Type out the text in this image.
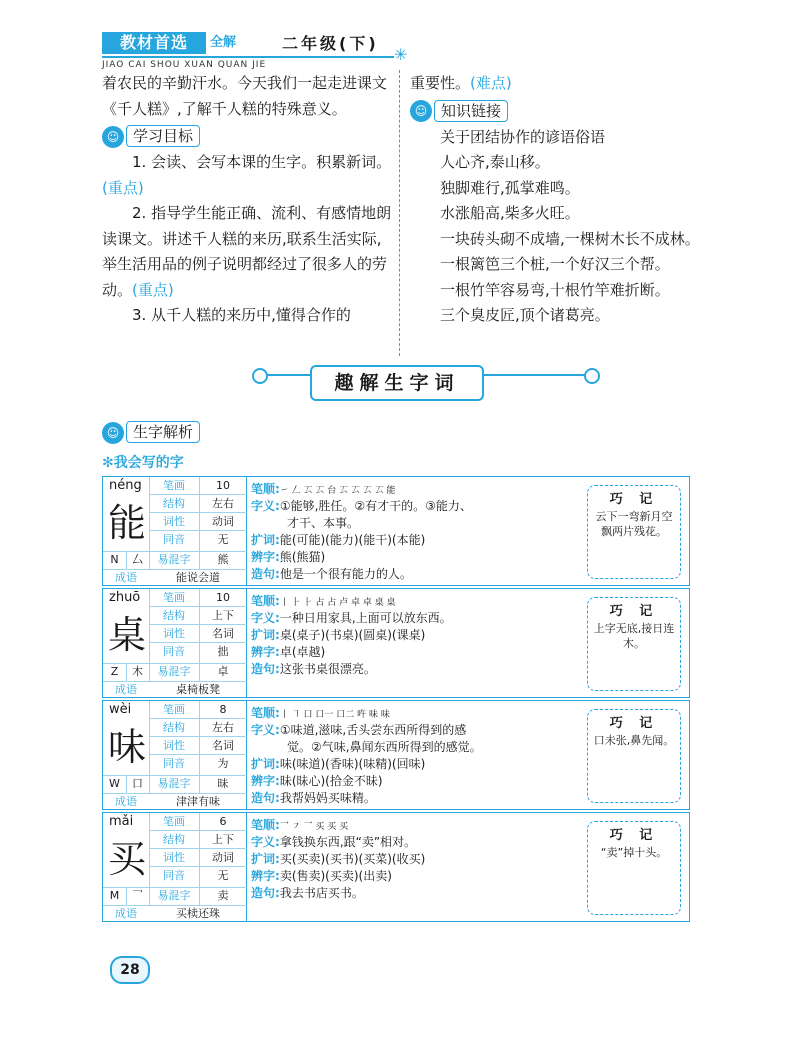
教材首选	全解	二年级(下)
✳
JIAO CAI SHOU XUAN QUAN JIE

着农民的辛勤汗水。今天我们一起走进课文《千人糕》,了解千人糕的特殊意义。

☺ 学习目标

1. 会读、会写本课的生字。积累新词。(重点)

2. 指导学生能正确、流利、有感情地朗读课文。讲述千人糕的来历,联系生活实际,举生活用品的例子说明都经过了很多人的劳动。(重点)

3. 从千人糕的来历中,懂得合作的

重要性。(难点)

☺ 知识链接

关于团结协作的谚语俗语

人心齐,泰山移。

独脚难行,孤掌难鸣。

水涨船高,柴多火旺。

一块砖头砌不成墙,一棵树木长不成林。

一根篱笆三个桩,一个好汉三个帮。

一根竹竿容易弯,十根竹竿难折断。

三个臭皮匠,顶个诸葛亮。

趣解生字词
☺ 生字解析
✻我会写的字
néng
能
笔画	10
结构	左右
词性	动词
同音	无
N	厶	易混字	熊
成语	能说会道
笔顺:㇀ 𠃋 𠫔 𠫔 台 𠫔 𠫔 𠫔 𠫔 能
字义:①能够,胜任。②有才干的。③能力、
才干、本事。
扩词:能(可能)(能力)(能干)(本能)
辨字:熊(熊猫)
造句:他是一个很有能力的人。
巧 记
云下一弯新月空飘两片残花。
zhuō
桌
笔画	10
结构	上下
词性	名词
同音	拙
Z	木	易混字	卓
成语	桌椅板凳
笔顺:丨 ⺊ ⺊ 占 占 卢 卓 卓 桌 桌
字义:一种日用家具,上面可以放东西。
扩词:桌(桌子)(书桌)(圆桌)(课桌)
辨字:卓(卓越)
造句:这张书桌很漂亮。
巧 记
上字无底,接日连木。
wèi
味
笔画	8
结构	左右
词性	名词
同音	为
W	口	易混字	昧
成语	津津有味
笔顺:丨 ㇕ 口 口一 口二 吘 味 味
字义:①味道,滋味,舌头尝东西所得到的感
觉。②气味,鼻闻东西所得到的感觉。
扩词:味(味道)(香味)(味精)(回味)
辨字:昧(昧心)(拾金不昧)
造句:我帮妈妈买味精。
巧 记
口未张,鼻先闻。
mǎi
买
笔画	6
结构	上下
词性	动词
同音	无
M	乛	易混字	卖
成语	买椟还珠
笔顺:乛 ㇇ 乛 买 买 买
字义:拿钱换东西,跟“卖”相对。
扩词:买(买卖)(买书)(买菜)(收买)
辨字:卖(售卖)(买卖)(出卖)
造句:我去书店买书。
巧 记
“卖”掉十头。
28
